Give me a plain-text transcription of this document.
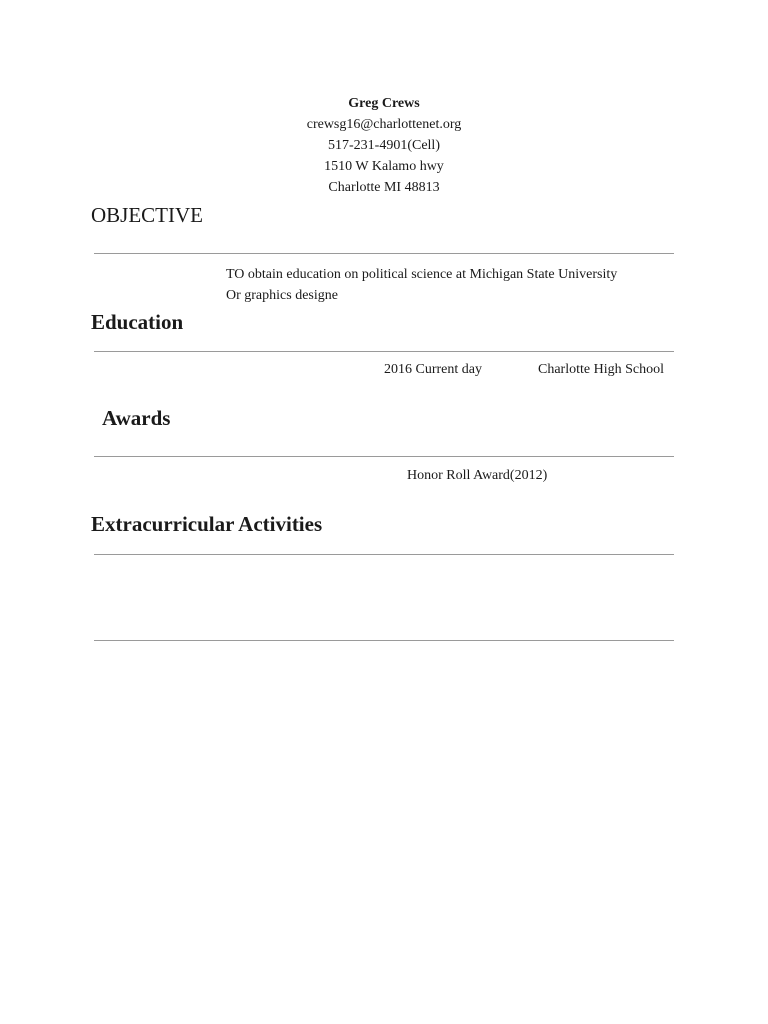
Greg Crews
crewsg16@charlottenet.org
517-231-4901(Cell)
1510 W Kalamo hwy
Charlotte MI 48813
OBJECTIVE
TO obtain education on political science at Michigan State University
Or graphics designe
Education
2016 Current day	Charlotte High School
Awards
Honor Roll Award(2012)
Extracurricular Activities
